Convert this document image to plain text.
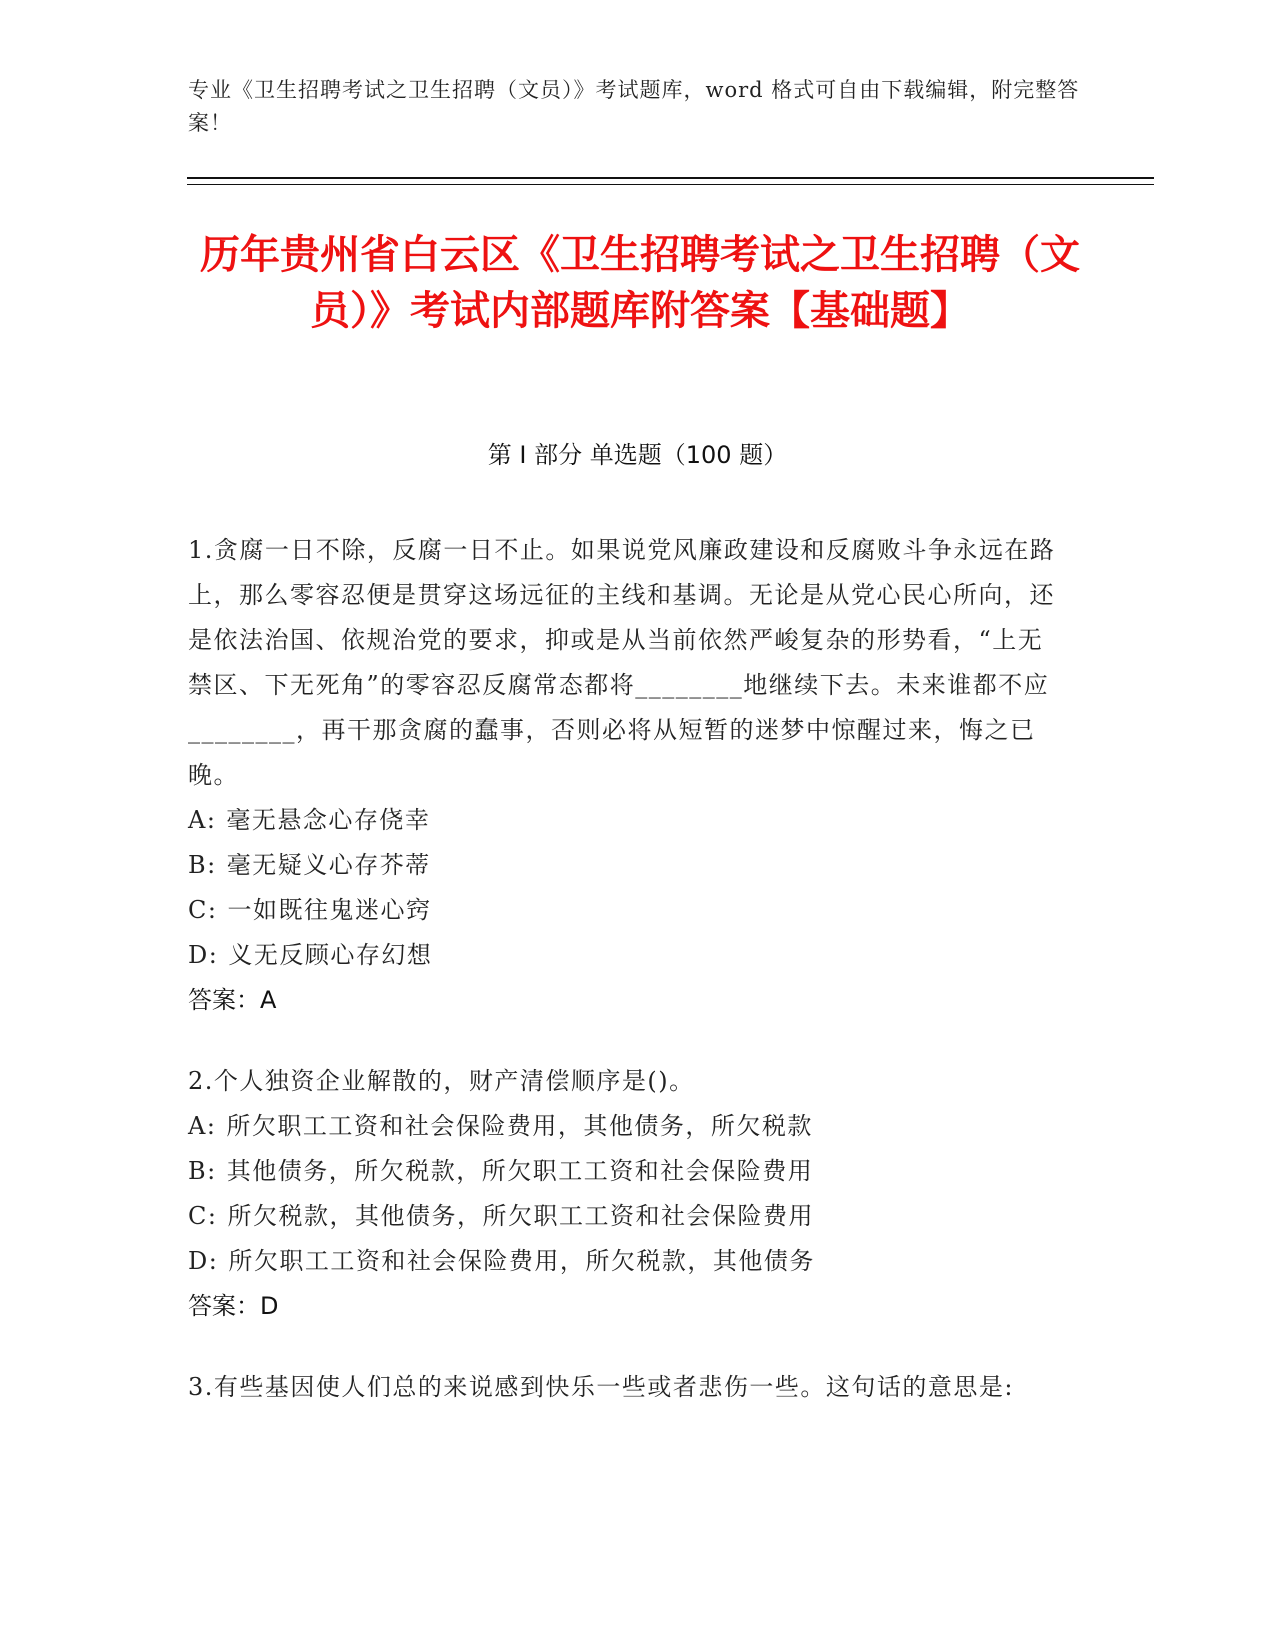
专业《卫生招聘考试之卫生招聘（文员）》考试题库，word 格式可自由下载编辑，附完整答案！
历年贵州省白云区《卫生招聘考试之卫生招聘（文员）》考试内部题库附答案【基础题】
第 I 部分 单选题（100 题）
1.贪腐一日不除，反腐一日不止。如果说党风廉政建设和反腐败斗争永远在路上，那么零容忍便是贯穿这场远征的主线和基调。无论是从党心民心所向，还是依法治国、依规治党的要求，抑或是从当前依然严峻复杂的形势看，“上无禁区、下无死角”的零容忍反腐常态都将________地继续下去。未来谁都不应________，再干那贪腐的蠢事，否则必将从短暂的迷梦中惊醒过来，悔之已晚。
A: 毫无悬念心存侥幸
B: 毫无疑义心存芥蒂
C: 一如既往鬼迷心窍
D: 义无反顾心存幻想
答案：A
2.个人独资企业解散的，财产清偿顺序是()。
A: 所欠职工工资和社会保险费用，其他债务，所欠税款
B: 其他债务，所欠税款，所欠职工工资和社会保险费用
C: 所欠税款，其他债务，所欠职工工资和社会保险费用
D: 所欠职工工资和社会保险费用，所欠税款，其他债务
答案：D
3.有些基因使人们总的来说感到快乐一些或者悲伤一些。这句话的意思是:
